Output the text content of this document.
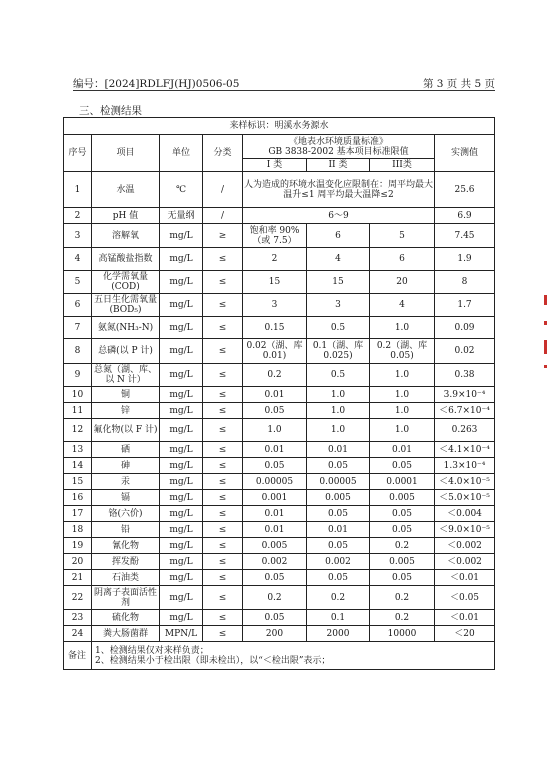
编号：[2024]RDLFJ(HJ)0506-05	第 3 页 共 5 页
三、检测结果
来样标识：明溪水务源水							
序号	项目	单位	分类	《地表水环境质量标准》
GB 3838-2002 基本项目标准限值			实测值
				I 类	II 类	III类	
1	水温	℃	/	人为造成的环境水温变化应限制在：周平均最大温升≤1 周平均最大温降≤2			25.6
2	pH 值	无量纲	/	6～9			6.9
3	溶解氧	mg/L	≥	饱和率 90%（或 7.5）	6	5	7.45
4	高锰酸盐指数	mg/L	≤	2	4	6	1.9
5	化学需氧量(COD)	mg/L	≤	15	15	20	8
6	五日生化需氧量(BOD₅)	mg/L	≤	3	3	4	1.7
7	氨氮(NH₃-N)	mg/L	≤	0.15	0.5	1.0	0.09
8	总磷(以 P 计)	mg/L	≤	0.02（湖、库 0.01)	0.1（湖、库 0.025)	0.2（湖、库 0.05)	0.02
9	总氮（湖、库、以 N 计）	mg/L	≤	0.2	0.5	1.0	0.38
10	铜	mg/L	≤	0.01	1.0	1.0	3.9×10⁻⁴
11	锌	mg/L	≤	0.05	1.0	1.0	＜6.7×10⁻⁴
12	氟化物(以 F 计)	mg/L	≤	1.0	1.0	1.0	0.263
13	硒	mg/L	≤	0.01	0.01	0.01	＜4.1×10⁻⁴
14	砷	mg/L	≤	0.05	0.05	0.05	1.3×10⁻⁴
15	汞	mg/L	≤	0.00005	0.00005	0.0001	＜4.0×10⁻⁵
16	镉	mg/L	≤	0.001	0.005	0.005	＜5.0×10⁻⁵
17	铬(六价)	mg/L	≤	0.01	0.05	0.05	＜0.004
18	铅	mg/L	≤	0.01	0.01	0.05	＜9.0×10⁻⁵
19	氰化物	mg/L	≤	0.005	0.05	0.2	＜0.002
20	挥发酚	mg/L	≤	0.002	0.002	0.005	＜0.002
21	石油类	mg/L	≤	0.05	0.05	0.05	＜0.01
22	阴离子表面活性剂	mg/L	≤	0.2	0.2	0.2	＜0.05
23	硫化物	mg/L	≤	0.05	0.1	0.2	＜0.01
24	粪大肠菌群	MPN/L	≤	200	2000	10000	＜20
备注	1、检测结果仅对来样负责；
2、检测结果小于检出限（即未检出），以“＜检出限”表示；						
